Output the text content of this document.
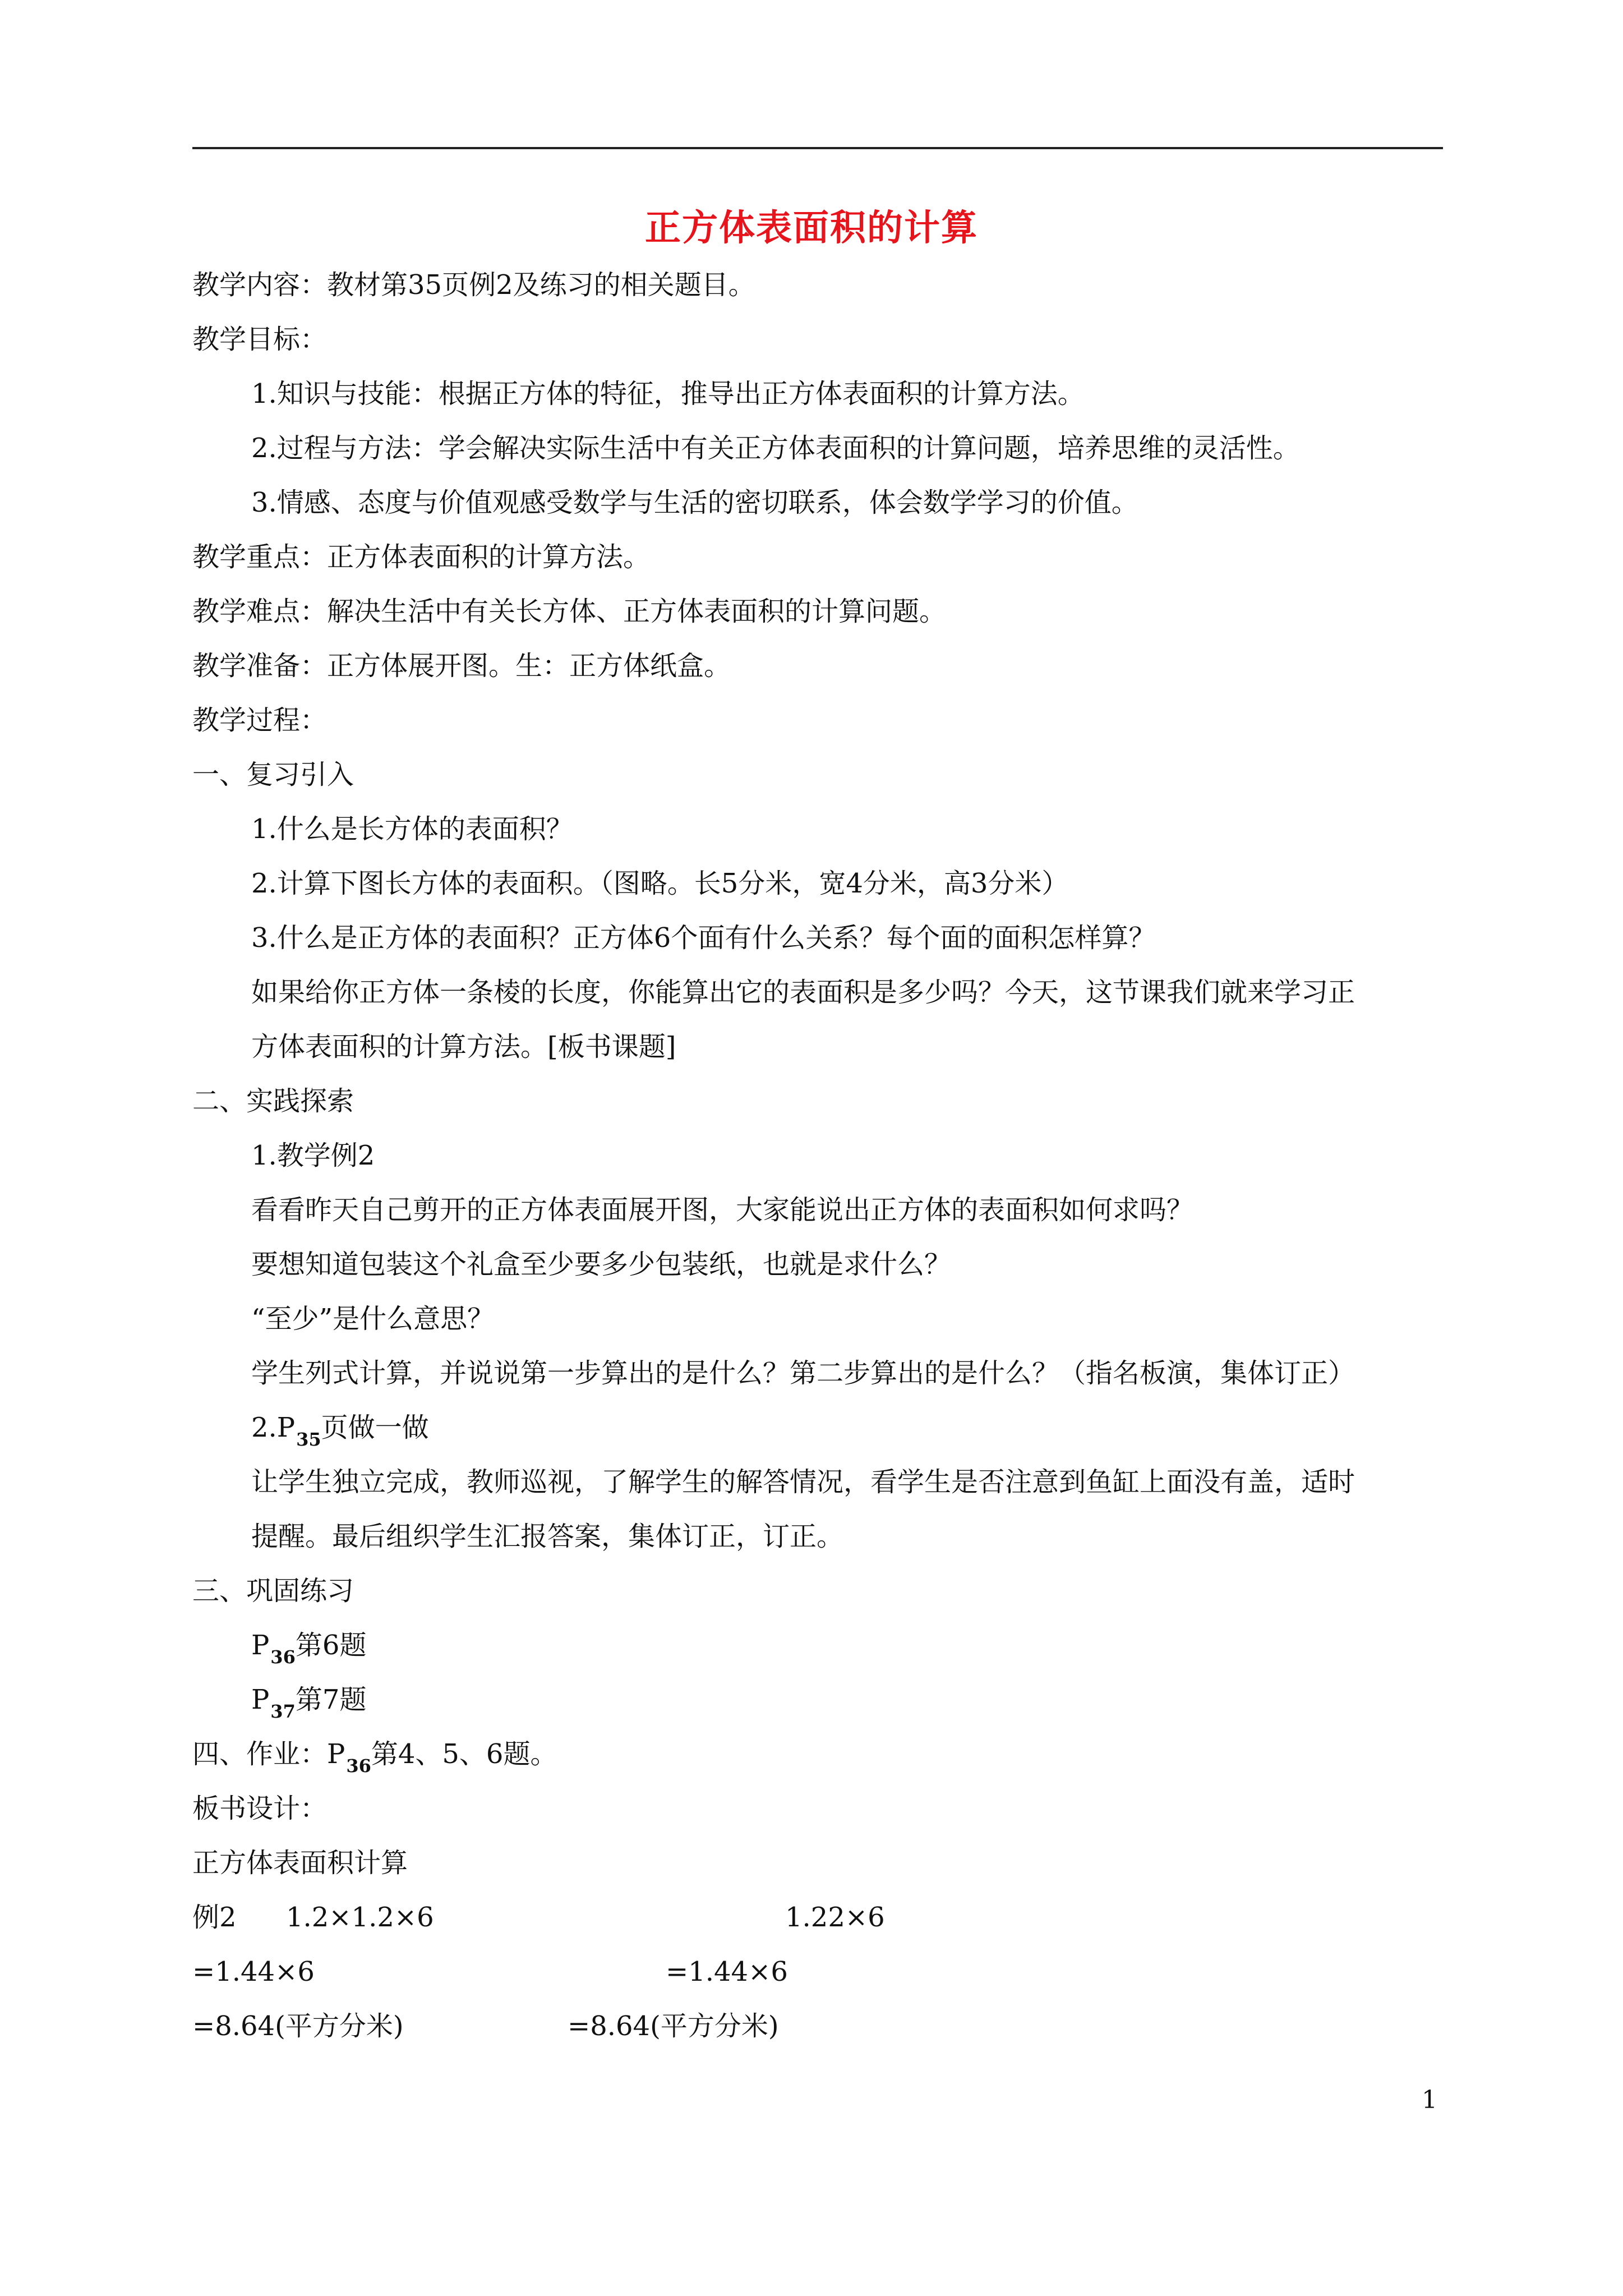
正方体表面积的计算
教学内容：教材第35页例2及练习的相关题目。
教学目标：
1.知识与技能：根据正方体的特征，推导出正方体表面积的计算方法。
2.过程与方法：学会解决实际生活中有关正方体表面积的计算问题，培养思维的灵活性。
3.情感、态度与价值观感受数学与生活的密切联系，体会数学学习的价值。
教学重点：正方体表面积的计算方法。
教学难点：解决生活中有关长方体、正方体表面积的计算问题。
教学准备：正方体展开图。生：正方体纸盒。
教学过程：
一、复习引入
1.什么是长方体的表面积？
2.计算下图长方体的表面积。（图略。长5分米，宽4分米，高3分米）
3.什么是正方体的表面积？正方体6个面有什么关系？每个面的面积怎样算？
如果给你正方体一条棱的长度，你能算出它的表面积是多少吗？今天，这节课我们就来学习正
方体表面积的计算方法。[板书课题]
二、实践探索
1.教学例2
看看昨天自己剪开的正方体表面展开图，大家能说出正方体的表面积如何求吗？
要想知道包装这个礼盒至少要多少包装纸，也就是求什么？
“至少”是什么意思？
学生列式计算，并说说第一步算出的是什么？第二步算出的是什么？（指名板演，集体订正）
$2.P_{35}$页做一做
让学生独立完成，教师巡视，了解学生的解答情况，看学生是否注意到鱼缸上面没有盖，适时
提醒。最后组织学生汇报答案，集体订正，订正。
三、巩固练习
$P_{36}$第6题
$P_{37}$第7题
四、作业：$P_{36}$第4、5、6题。
板书设计：
正方体表面积计算
例2 1.2×1.2×6	1.22×6
=1.44×6	=1.44×6
=8.64(平方分米)	=8.64(平方分米)
1
